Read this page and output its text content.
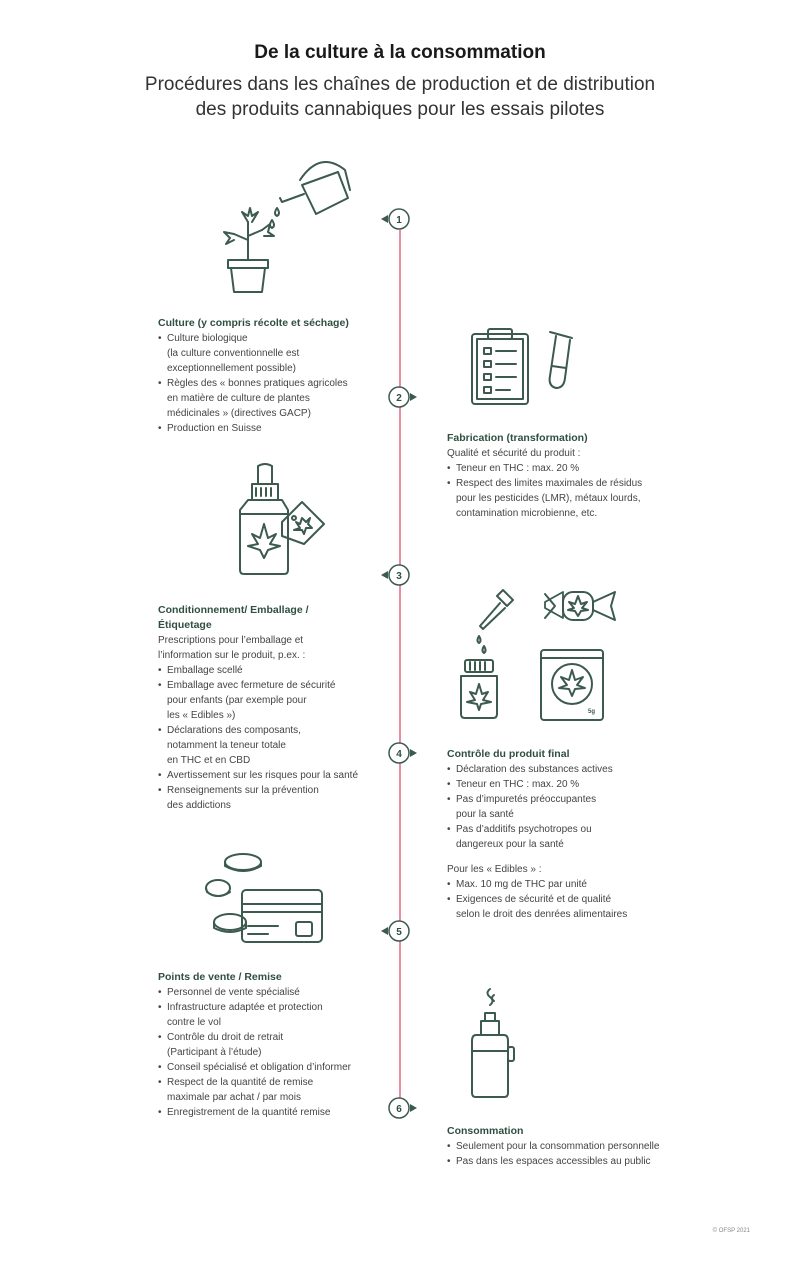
De la culture à la consommation
Procédures dans les chaînes de production et de distribution
des produits cannabiques pour les essais pilotes
1
2
3
4
5
6
5g
Culture (y compris récolte et séchage)
• Culture biologique
(la culture conventionnelle est
exceptionnellement possible)
• Règles des « bonnes pratiques agricoles
en matière de culture de plantes
médicinales » (directives GACP)
• Production en Suisse
Fabrication (transformation)
Qualité et sécurité du produit :
• Teneur en THC : max. 20 %
• Respect des limites maximales de résidus
pour les pesticides (LMR), métaux lourds,
contamination microbienne, etc.
Conditionnement/ Emballage /
Étiquetage
Prescriptions pour l’emballage et
l’information sur le produit, p.ex. :
• Emballage scellé
• Emballage avec fermeture de sécurité
pour enfants (par exemple pour
les « Edibles »)
• Déclarations des composants,
notamment la teneur totale
en THC et en CBD
• Avertissement sur les risques pour la santé
• Renseignements sur la prévention
des addictions
Contrôle du produit final
• Déclaration des substances actives
• Teneur en THC : max. 20 %
• Pas d’impuretés préoccupantes
pour la santé
• Pas d’additifs psychotropes ou
dangereux pour la santé
Pour les « Edibles » :
• Max. 10 mg de THC par unité
• Exigences de sécurité et de qualité
selon le droit des denrées alimentaires
Points de vente / Remise
• Personnel de vente spécialisé
• Infrastructure adaptée et protection
contre le vol
• Contrôle du droit de retrait
(Participant à l’étude)
• Conseil spécialisé et obligation d’informer
• Respect de la quantité de remise
maximale par achat / par mois
• Enregistrement de la quantité remise
Consommation
• Seulement pour la consommation personnelle
• Pas dans les espaces accessibles au public
© OFSP 2021
